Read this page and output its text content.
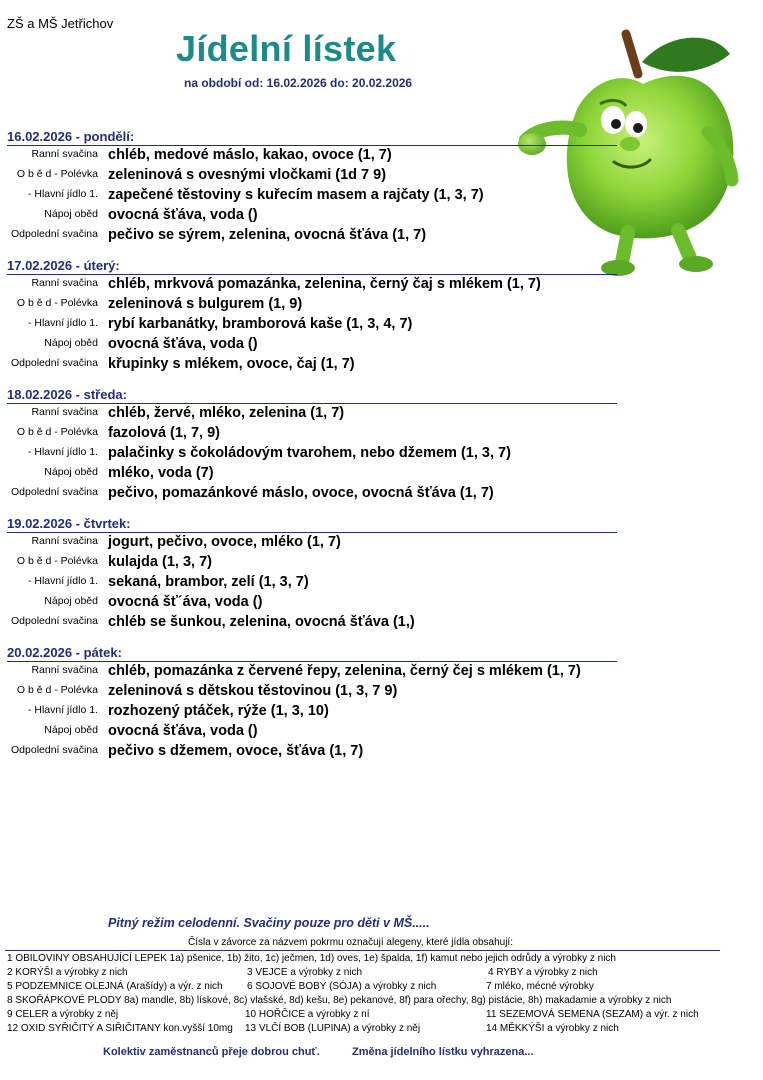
ZŠ a MŠ Jetřichov
Jídelní lístek
na období od: 16.02.2026 do: 20.02.2026
16.02.2026 - pondělí:
Ranní svačina chléb, medové máslo, kakao, ovoce (1, 7)
O b ě d - Polévka zeleninová s ovesnými vločkami (1d 7 9)
- Hlavní jídlo 1. zapečené těstoviny s kuřecím masem a rajčaty (1, 3, 7)
Nápoj oběd ovocná šťáva, voda ()
Odpolední svačina pečivo se sýrem, zelenina, ovocná šťáva (1, 7)
17.02.2026 - úterý:
Ranní svačina chléb, mrkvová pomazánka, zelenina, černý čaj s mlékem (1, 7)
O b ě d - Polévka zeleninová s bulgurem (1, 9)
- Hlavní jídlo 1. rybí karbanátky, bramborová kaše (1, 3, 4, 7)
Nápoj oběd ovocná šťáva, voda ()
Odpolední svačina křupinky s mlékem, ovoce, čaj (1, 7)
18.02.2026 - středa:
Ranní svačina chléb, žervé, mléko, zelenina (1, 7)
O b ě d - Polévka fazolová (1, 7, 9)
- Hlavní jídlo 1. palačinky s čokoládovým tvarohem, nebo džemem (1, 3, 7)
Nápoj oběd mléko, voda (7)
Odpolední svačina pečivo, pomazánkové máslo, ovoce, ovocná šťáva (1, 7)
19.02.2026 - čtvrtek:
Ranní svačina jogurt, pečivo, ovoce, mléko (1, 7)
O b ě d - Polévka kulajda (1, 3, 7)
- Hlavní jídlo 1. sekaná, brambor, zelí (1, 3, 7)
Nápoj oběd ovocná šť´áva, voda ()
Odpolední svačina chléb se šunkou, zelenina, ovocná šťáva (1,)
20.02.2026 - pátek:
Ranní svačina chléb, pomazánka z červené řepy, zelenina, černý čej s mlékem (1, 7)
O b ě d - Polévka zeleninová s dětskou těstovinou (1, 3, 7 9)
- Hlavní jídlo 1. rozhozený ptáček, rýže (1, 3, 10)
Nápoj oběd ovocná šťáva, voda ()
Odpolední svačina pečivo s džemem, ovoce, šťáva (1, 7)
Pitný režim celodenní. Svačiny pouze pro děti v MŠ.....
Čísla v závorce za názvem pokrmu označují alegeny, které jídla obsahují:
1 OBILOVINY OBSAHUJÍCÍ LEPEK 1a) pšenice, 1b) žito, 1c) ječmen, 1d) oves, 1e) špalda, 1f) kamut nebo jejich odrůdy a výrobky z nich
2 KORÝŠI a výrobky z nich	3 VEJCE a výrobky z nich	4 RYBY a výrobky z nich
5 PODZEMNICE OLEJNÁ (Arašídy) a výr. z nich 6 SOJOVÉ BOBY (SÓJA) a výrobky z nich	7 mléko, mécné výrobky
8 SKOŘÁPKOVÉ PLODY 8a) mandle, 8b) lískové, 8c) vlašské, 8d) kešu, 8e) pekanové, 8f) para ořechy, 8g) pistácie, 8h) makadamie a výrobky z nich
9 CELER a výrobky z něj	10 HOŘČICE a výrobky z ní	11 SEZEMOVÁ SEMENA (SEZAM) a výr. z nich
12 OXID SYŘIČITÝ A SIŘIČITANY kon.vyšší 10mg 13 VLČÍ BOB (LUPINA) a výrobky z něj	14 MĚKKÝŠI a výrobky z nich
Kolektiv zaměstnanců přeje dobrou chuť.	Změna jídelního lístku vyhrazena...
